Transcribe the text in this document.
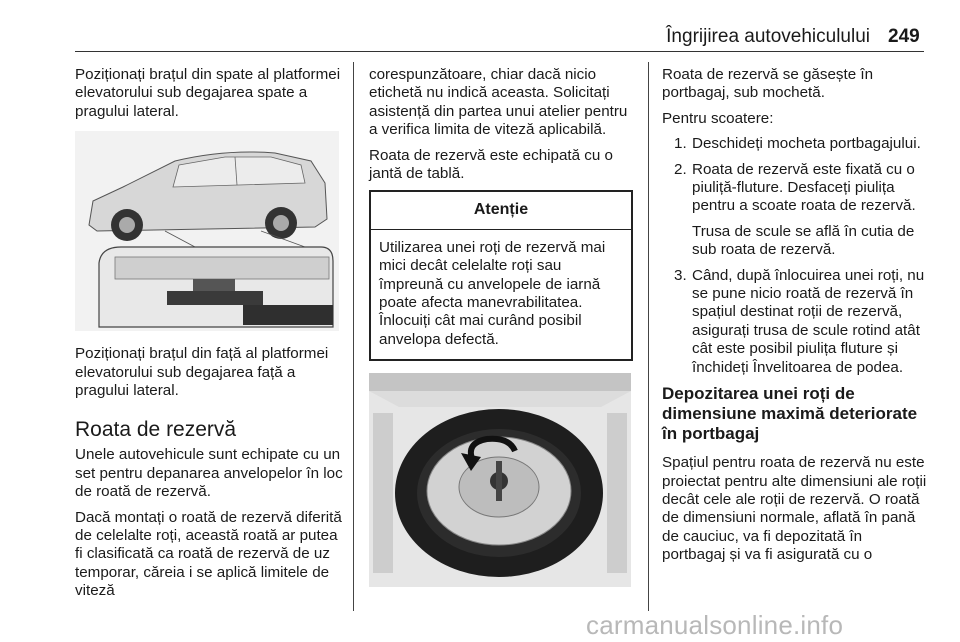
Îngrijirea autovehiculului 249

Poziționați brațul din spate al platformei elevatorului sub degajarea spate a pragului lateral.

Poziționați brațul din față al platformei elevatorului sub degajarea față a pragului lateral.

Roata de rezervă

Unele autovehicule sunt echipate cu un set pentru depanarea anvelopelor în loc de roată de rezervă.

Dacă montați o roată de rezervă diferită de celelalte roți, această roată ar putea fi clasificată ca roată de rezervă de uz temporar, căreia i se aplică limitele de viteză

corespunzătoare, chiar dacă nicio etichetă nu indică aceasta. Solicitați asistență din partea unui atelier pentru a verifica limita de viteză aplicabilă.

Roata de rezervă este echipată cu o jantă de tablă.

Atenție
Utilizarea unei roți de rezervă mai mici decât celelalte roți sau împreună cu anvelopele de iarnă poate afecta manevrabilitatea. Înlocuiți cât mai curând posibil anvelopa defectă.

Roata de rezervă se găsește în portbagaj, sub mochetă.

Pentru scoatere:

1. Deschideți mocheta portbagajului.
2. Roata de rezervă este fixată cu o piuliță-fluture. Desfaceți piulița pentru a scoate roata de rezervă.

Trusa de scule se află în cutia de sub roata de rezervă.

3. Când, după înlocuirea unei roți, nu se pune nicio roată de rezervă în spațiul destinat roții de rezervă, asigurați trusa de scule rotind atât cât este posibil piulița fluture și închideți Învelitoarea de podea.
Depozitarea unei roți de dimensiune maximă deteriorate în portbagaj

Spațiul pentru roata de rezervă nu este proiectat pentru alte dimensiuni ale roții decât cele ale roții de rezervă. O roată de dimensiuni normale, aflată în pană de cauciuc, va fi depozitată în portbagaj și va fi asigurată cu o

carmanualsonline.info
